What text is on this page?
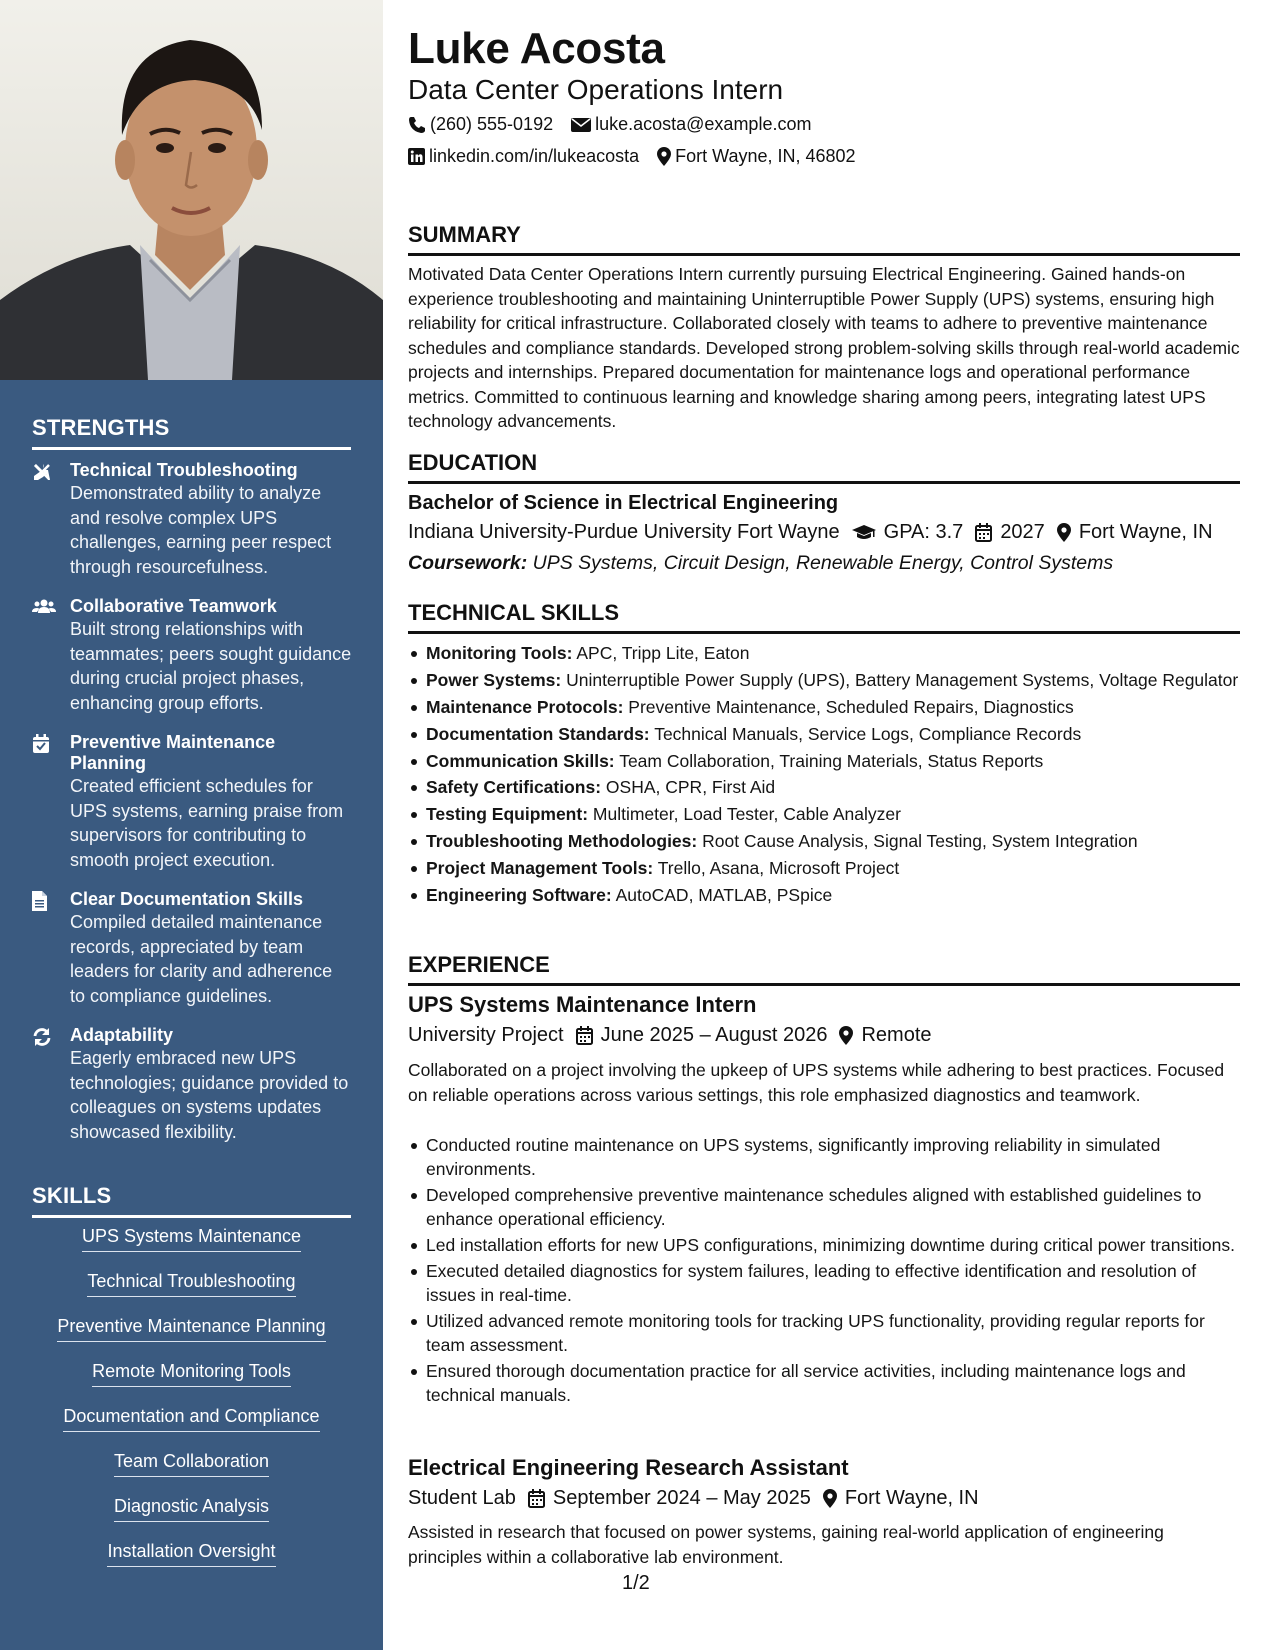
STRENGTHS
Technical Troubleshooting
Demonstrated ability to analyze and resolve complex UPS challenges, earning peer respect through resourcefulness.
Collaborative Teamwork
Built strong relationships with teammates; peers sought guidance during crucial project phases, enhancing group efforts.
Preventive Maintenance Planning
Created efficient schedules for UPS systems, earning praise from supervisors for contributing to smooth project execution.
Clear Documentation Skills
Compiled detailed maintenance records, appreciated by team leaders for clarity and adherence to compliance guidelines.
Adaptability
Eagerly embraced new UPS technologies; guidance provided to colleagues on systems updates showcased flexibility.
SKILLS
UPS Systems Maintenance
Technical Troubleshooting
Preventive Maintenance Planning
Remote Monitoring Tools
Documentation and Compliance
Team Collaboration
Diagnostic Analysis
Installation Oversight
Luke Acosta
Data Center Operations Intern
(260) 555-0192 luke.acosta@example.com
linkedin.com/in/lukeacosta Fort Wayne, IN, 46802
SUMMARY
Motivated Data Center Operations Intern currently pursuing Electrical Engineering. Gained hands-on experience troubleshooting and maintaining Uninterruptible Power Supply (UPS) systems, ensuring high reliability for critical infrastructure. Collaborated closely with teams to adhere to preventive maintenance schedules and compliance standards. Developed strong problem-solving skills through real-world academic projects and internships. Prepared documentation for maintenance logs and operational performance metrics. Committed to continuous learning and knowledge sharing among peers, integrating latest UPS technology advancements.
EDUCATION
Bachelor of Science in Electrical Engineering
Indiana University-Purdue University Fort Wayne GPA: 3.7 2027 Fort Wayne, IN
Coursework: UPS Systems, Circuit Design, Renewable Energy, Control Systems
TECHNICAL SKILLS
Monitoring Tools: APC, Tripp Lite, Eaton
Power Systems: Uninterruptible Power Supply (UPS), Battery Management Systems, Voltage Regulator
Maintenance Protocols: Preventive Maintenance, Scheduled Repairs, Diagnostics
Documentation Standards: Technical Manuals, Service Logs, Compliance Records
Communication Skills: Team Collaboration, Training Materials, Status Reports
Safety Certifications: OSHA, CPR, First Aid
Testing Equipment: Multimeter, Load Tester, Cable Analyzer
Troubleshooting Methodologies: Root Cause Analysis, Signal Testing, System Integration
Project Management Tools: Trello, Asana, Microsoft Project
Engineering Software: AutoCAD, MATLAB, PSpice
EXPERIENCE
UPS Systems Maintenance Intern
University Project June 2025 – August 2026 Remote
Collaborated on a project involving the upkeep of UPS systems while adhering to best practices. Focused on reliable operations across various settings, this role emphasized diagnostics and teamwork.
Conducted routine maintenance on UPS systems, significantly improving reliability in simulated environments.
Developed comprehensive preventive maintenance schedules aligned with established guidelines to enhance operational efficiency.
Led installation efforts for new UPS configurations, minimizing downtime during critical power transitions.
Executed detailed diagnostics for system failures, leading to effective identification and resolution of issues in real-time.
Utilized advanced remote monitoring tools for tracking UPS functionality, providing regular reports for team assessment.
Ensured thorough documentation practice for all service activities, including maintenance logs and technical manuals.
Electrical Engineering Research Assistant
Student Lab September 2024 – May 2025 Fort Wayne, IN
Assisted in research that focused on power systems, gaining real-world application of engineering principles within a collaborative lab environment.
1/2
